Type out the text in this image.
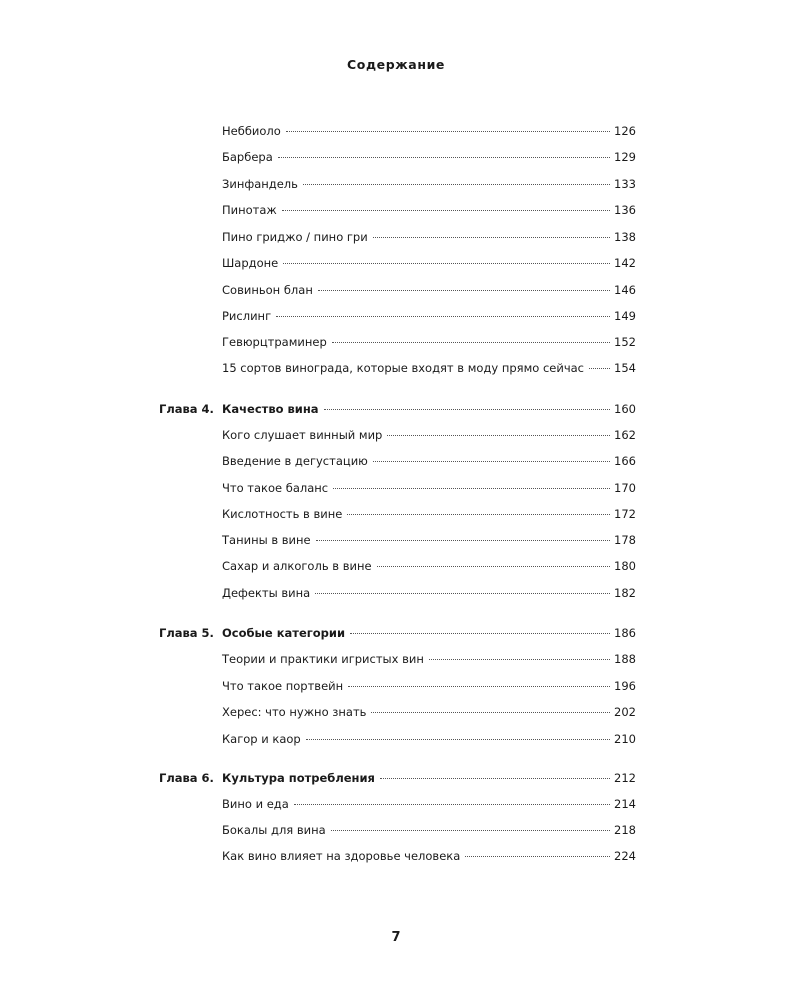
Содержание
Неббиоло	126
Барбера	129
Зинфандель	133
Пинотаж	136
Пино гриджо / пино гри	138
Шардоне	142
Совиньон блан	146
Рислинг	149
Гевюрцтраминер	152
15 сортов винограда, которые входят в моду прямо сейчас	154
Глава 4. Качество вина	160
Кого слушает винный мир	162
Введение в дегустацию	166
Что такое баланс	170
Кислотность в вине	172
Танины в вине	178
Сахар и алкоголь в вине	180
Дефекты вина	182
Глава 5. Особые категории	186
Теории и практики игристых вин	188
Что такое портвейн	196
Херес: что нужно знать	202
Кагор и каор	210
Глава 6. Культура потребления	212
Вино и еда	214
Бокалы для вина	218
Как вино влияет на здоровье человека	224
7
